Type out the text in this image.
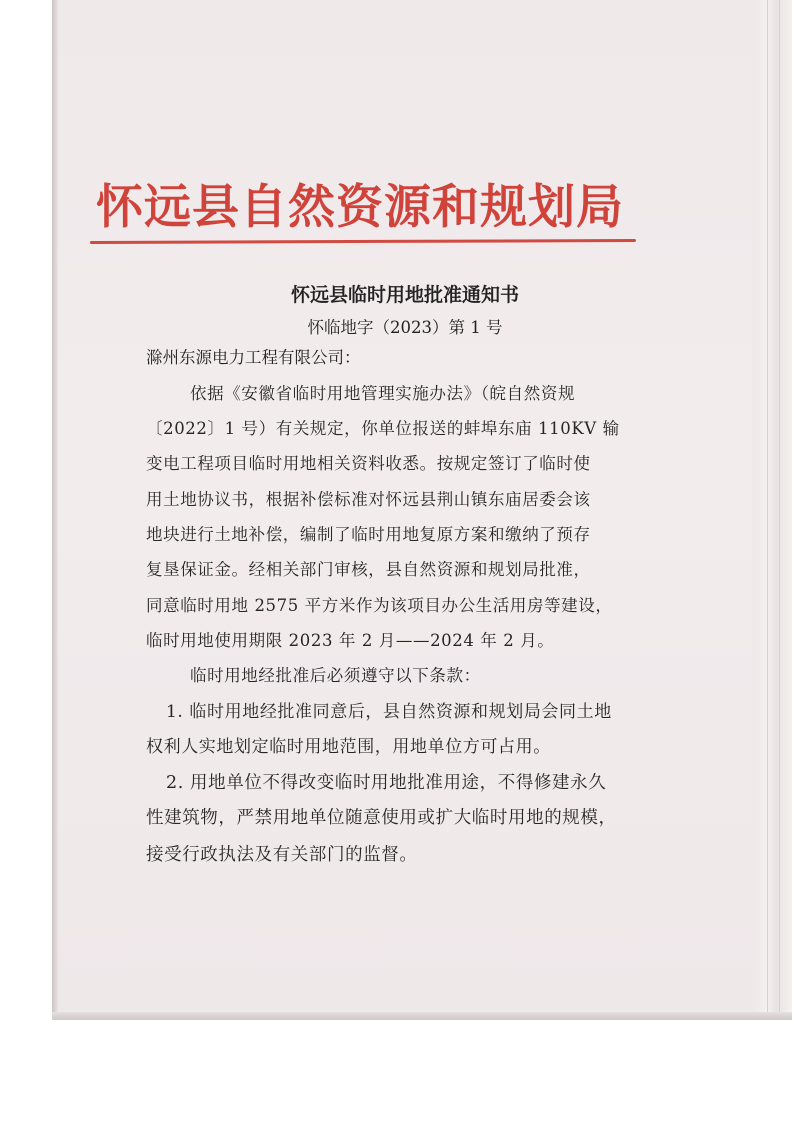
怀远县自然资源和规划局
怀远县临时用地批准通知书

怀临地字（2023）第 1 号

滁州东源电力工程有限公司：

依据《安徽省临时用地管理实施办法》（皖自然资规

〔2022〕1 号）有关规定，你单位报送的蚌埠东庙 110KV 输

变电工程项目临时用地相关资料收悉。按规定签订了临时使

用土地协议书，根据补偿标准对怀远县荆山镇东庙居委会该

地块进行土地补偿，编制了临时用地复原方案和缴纳了预存

复垦保证金。经相关部门审核，县自然资源和规划局批准，

同意临时用地 2575 平方米作为该项目办公生活用房等建设，

临时用地使用期限 2023 年 2 月——2024 年 2 月。

临时用地经批准后必须遵守以下条款：

1. 临时用地经批准同意后，县自然资源和规划局会同土地

权利人实地划定临时用地范围，用地单位方可占用。

2. 用地单位不得改变临时用地批准用途，不得修建永久

性建筑物，严禁用地单位随意使用或扩大临时用地的规模，

接受行政执法及有关部门的监督。
